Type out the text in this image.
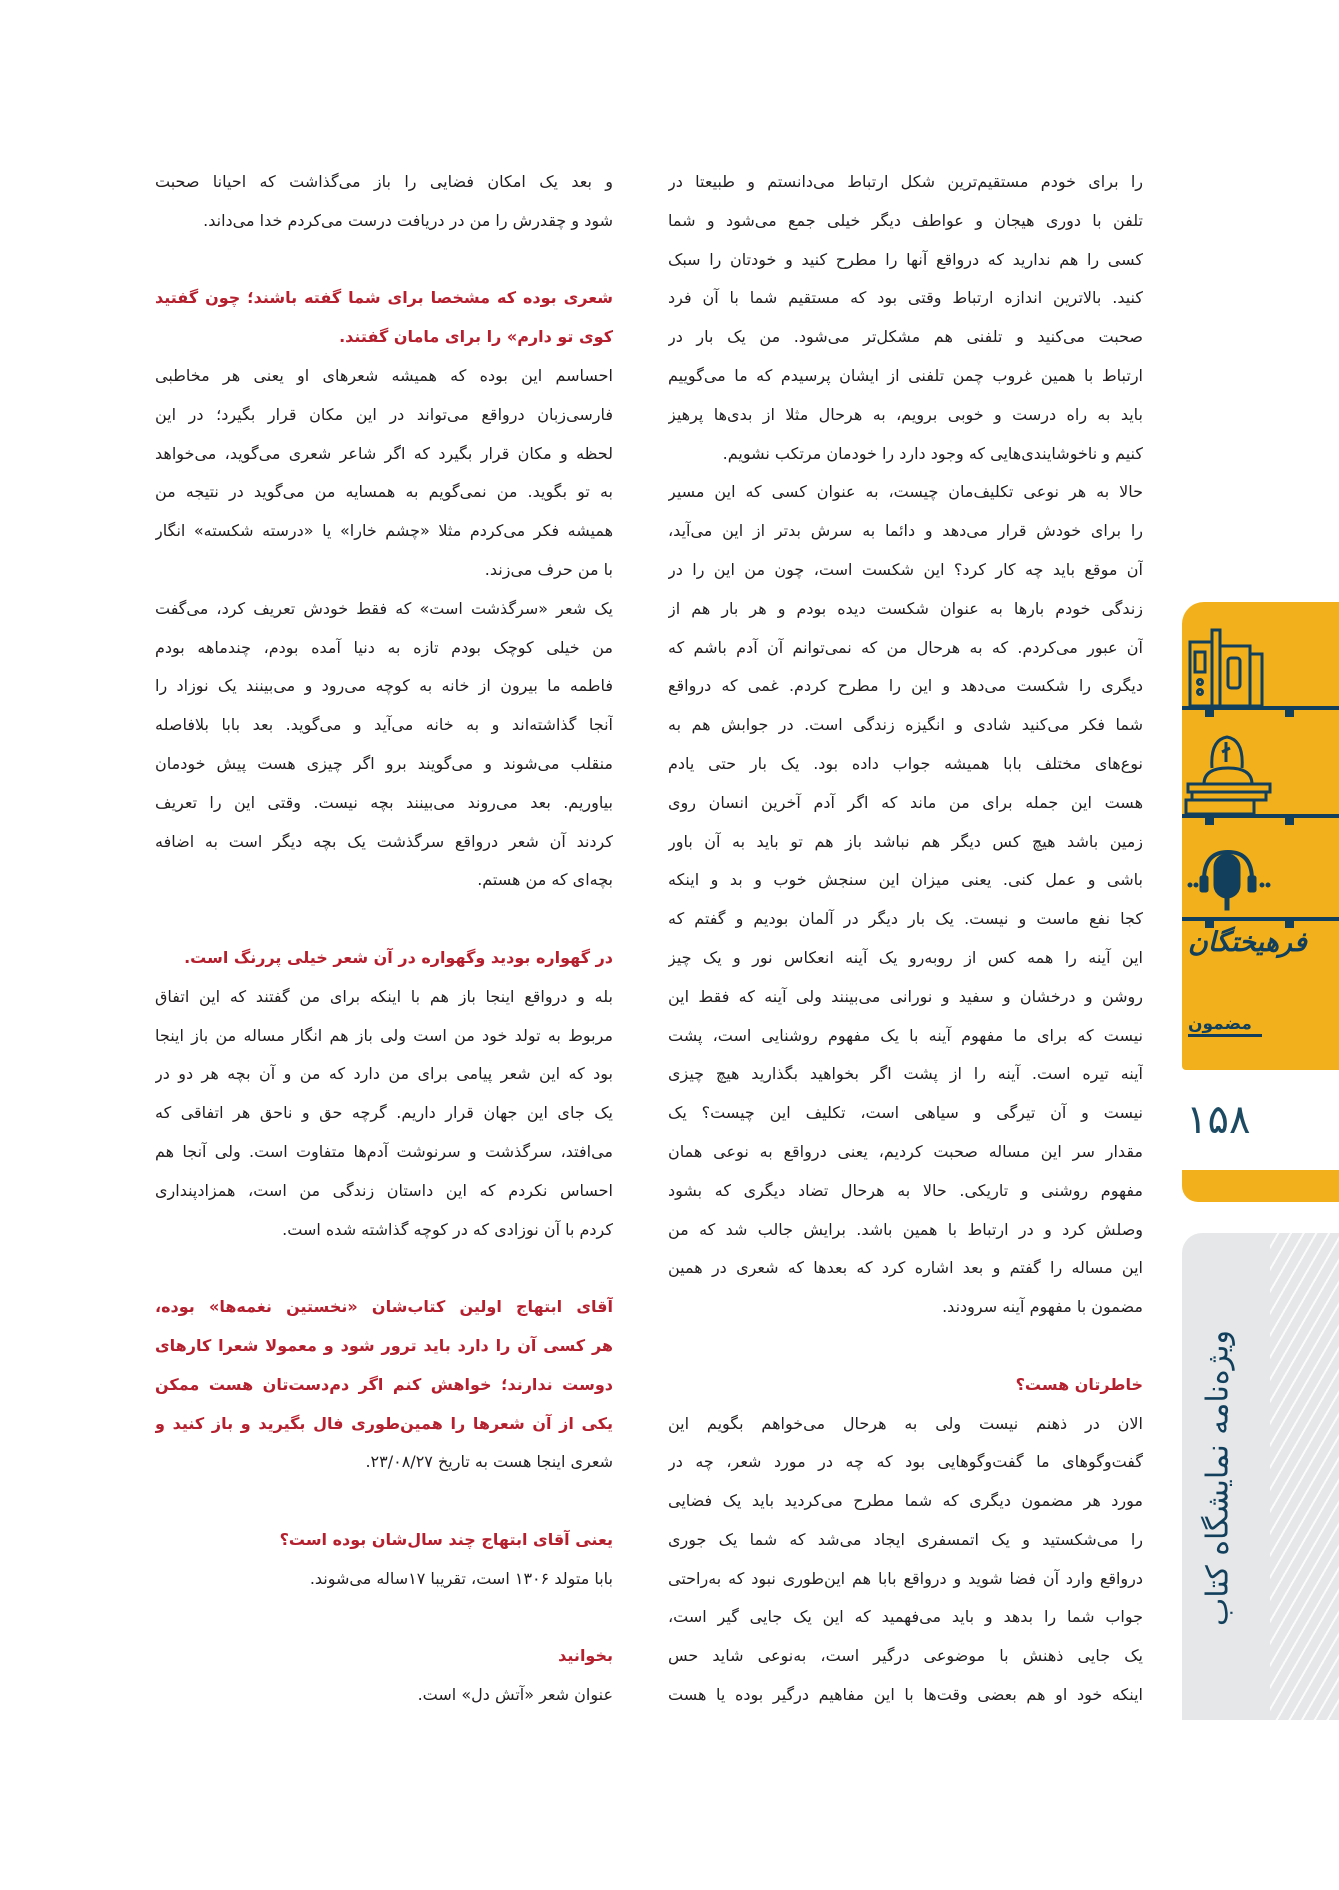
را برای خودم مستقیم‌ترین شکل ارتباط می‌دانستم و طبیعتا در
تلفن با دوری هیجان و عواطف دیگر خیلی جمع می‌شود و شما
کسی را هم ندارید که درواقع آنها را مطرح کنید و خودتان را سبک
کنید. بالاترین اندازه ارتباط وقتی بود که مستقیم شما با آن فرد
صحبت می‌کنید و تلفنی هم مشکل‌تر می‌شود. من یک بار در
ارتباط با همین غروب چمن تلفنی از ایشان پرسیدم که ما می‌گوییم
باید به راه درست و خوبی برویم، به هرحال مثلا از بدی‌ها پرهیز
کنیم و ناخوشایندی‌هایی که وجود دارد را خودمان مرتکب نشویم.
حالا به هر نوعی تکلیف‌مان چیست، به عنوان کسی که این مسیر
را برای خودش قرار می‌دهد و دائما به سرش بدتر از این می‌آید،
آن موقع باید چه کار کرد؟ این شکست است، چون من این را در
زندگی خودم بارها به عنوان شکست دیده بودم و هر بار هم از
آن عبور می‌کردم. که به هرحال من که نمی‌توانم آن آدم باشم که
دیگری را شکست می‌دهد و این را مطرح کردم. غمی که درواقع
شما فکر می‌کنید شادی و انگیزه زندگی است. در جوابش هم به
نوع‌های مختلف بابا همیشه جواب داده بود. یک بار حتی یادم
هست این جمله برای من ماند که اگر آدم آخرین انسان روی
زمین باشد هیچ کس دیگر هم نباشد باز هم تو باید به آن باور
باشی و عمل کنی. یعنی میزان این سنجش خوب و بد و اینکه
کجا نفع ماست و نیست. یک بار دیگر در آلمان بودیم و گفتم که
این آینه را همه کس از روبه‌رو یک آینه انعکاس نور و یک چیز
روشن و درخشان و سفید و نورانی می‌بینند ولی آینه که فقط این
نیست که برای ما مفهوم آینه با یک مفهوم روشنایی است، پشت
آینه تیره است. آینه را از پشت اگر بخواهید بگذارید هیچ چیزی
نیست و آن تیرگی و سیاهی است، تکلیف این چیست؟ یک
مقدار سر این مساله صحبت کردیم، یعنی درواقع به نوعی همان
مفهوم روشنی و تاریکی. حالا به هرحال تضاد دیگری که بشود
وصلش کرد و در ارتباط با همین باشد. برایش جالب شد که من
این مساله را گفتم و بعد اشاره کرد که بعدها که شعری در همین
مضمون با مفهوم آینه سرودند.
خاطرتان هست؟
الان در ذهنم نیست ولی به هرحال می‌خواهم بگویم این
گفت‌وگوهای ما گفت‌وگوهایی بود که چه در مورد شعر، چه در
مورد هر مضمون دیگری که شما مطرح می‌کردید باید یک فضایی
را می‌شکستید و یک اتمسفری ایجاد می‌شد که شما یک جوری
درواقع وارد آن فضا شوید و درواقع بابا هم این‌طوری نبود که به‌راحتی
جواب شما را بدهد و باید می‌فهمید که این یک جایی گیر است،
یک جایی ذهنش با موضوعی درگیر است، به‌نوعی شاید حس
اینکه خود او هم بعضی وقت‌ها با این مفاهیم درگیر بوده یا هست
و بعد یک امکان فضایی را باز می‌گذاشت که احیانا صحبت
شود و چقدرش را من در دریافت درست می‌کردم خدا می‌داند.
شعری بوده که مشخصا برای شما گفته باشند؛ چون گفتید
کوی تو دارم» را برای مامان گفتند.
احساسم این بوده که همیشه شعرهای او یعنی هر مخاطبی
فارسی‌زبان درواقع می‌تواند در این مکان قرار بگیرد؛ در این
لحظه و مکان قرار بگیرد که اگر شاعر شعری می‌گوید، می‌خواهد
به تو بگوید. من نمی‌گویم به همسایه من می‌گوید در نتیجه من
همیشه فکر می‌کردم مثلا «چشم خارا» یا «درسته شکسته» انگار
با من حرف می‌زند.
یک شعر «سرگذشت است» که فقط خودش تعریف کرد، می‌گفت
من خیلی کوچک بودم تازه به دنیا آمده بودم، چندماهه بودم
فاطمه ما بیرون از خانه به کوچه می‌رود و می‌بینند یک نوزاد را
آنجا گذاشته‌اند و به خانه می‌آید و می‌گوید. بعد بابا بلافاصله
منقلب می‌شوند و می‌گویند برو اگر چیزی هست پیش خودمان
بیاوریم. بعد می‌روند می‌بینند بچه نیست. وقتی این را تعریف
کردند آن شعر درواقع سرگذشت یک بچه دیگر است به اضافه
بچه‌ای که من هستم.
در گهواره بودید وگهواره در آن شعر خیلی پررنگ است.
بله و درواقع اینجا باز هم با اینکه برای من گفتند که این اتفاق
مربوط به تولد خود من است ولی باز هم انگار مساله من باز اینجا
بود که این شعر پیامی برای من دارد که من و آن بچه هر دو در
یک جای این جهان قرار داریم. گرچه حق و ناحق هر اتفاقی که
می‌افتد، سرگذشت و سرنوشت آدم‌ها متفاوت است. ولی آنجا هم
احساس نکردم که این داستان زندگی من است، همزادپنداری
کردم با آن نوزادی که در کوچه گذاشته شده است.
آقای ابتهاج اولین کتاب‌شان «نخستین نغمه‌ها» بوده،
هر کسی آن را دارد باید ترور شود و معمولا شعرا کارهای
دوست ندارند؛ خواهش کنم اگر دم‌دست‌تان هست ممکن
یکی از آن شعرها را همین‌طوری فال بگیرید و باز کنید و
شعری اینجا هست به تاریخ ۲۳/۰۸/۲۷.
یعنی آقای ابتهاج چند سال‌شان بوده است؟
بابا متولد ۱۳۰۶ است، تقریبا ۱۷ساله می‌شوند.
بخوانید
عنوان شعر «آتش دل» است.
فرهیختگان
مضمون
۱۵۸
ویژه‌نامه نمایشگاه کتاب
